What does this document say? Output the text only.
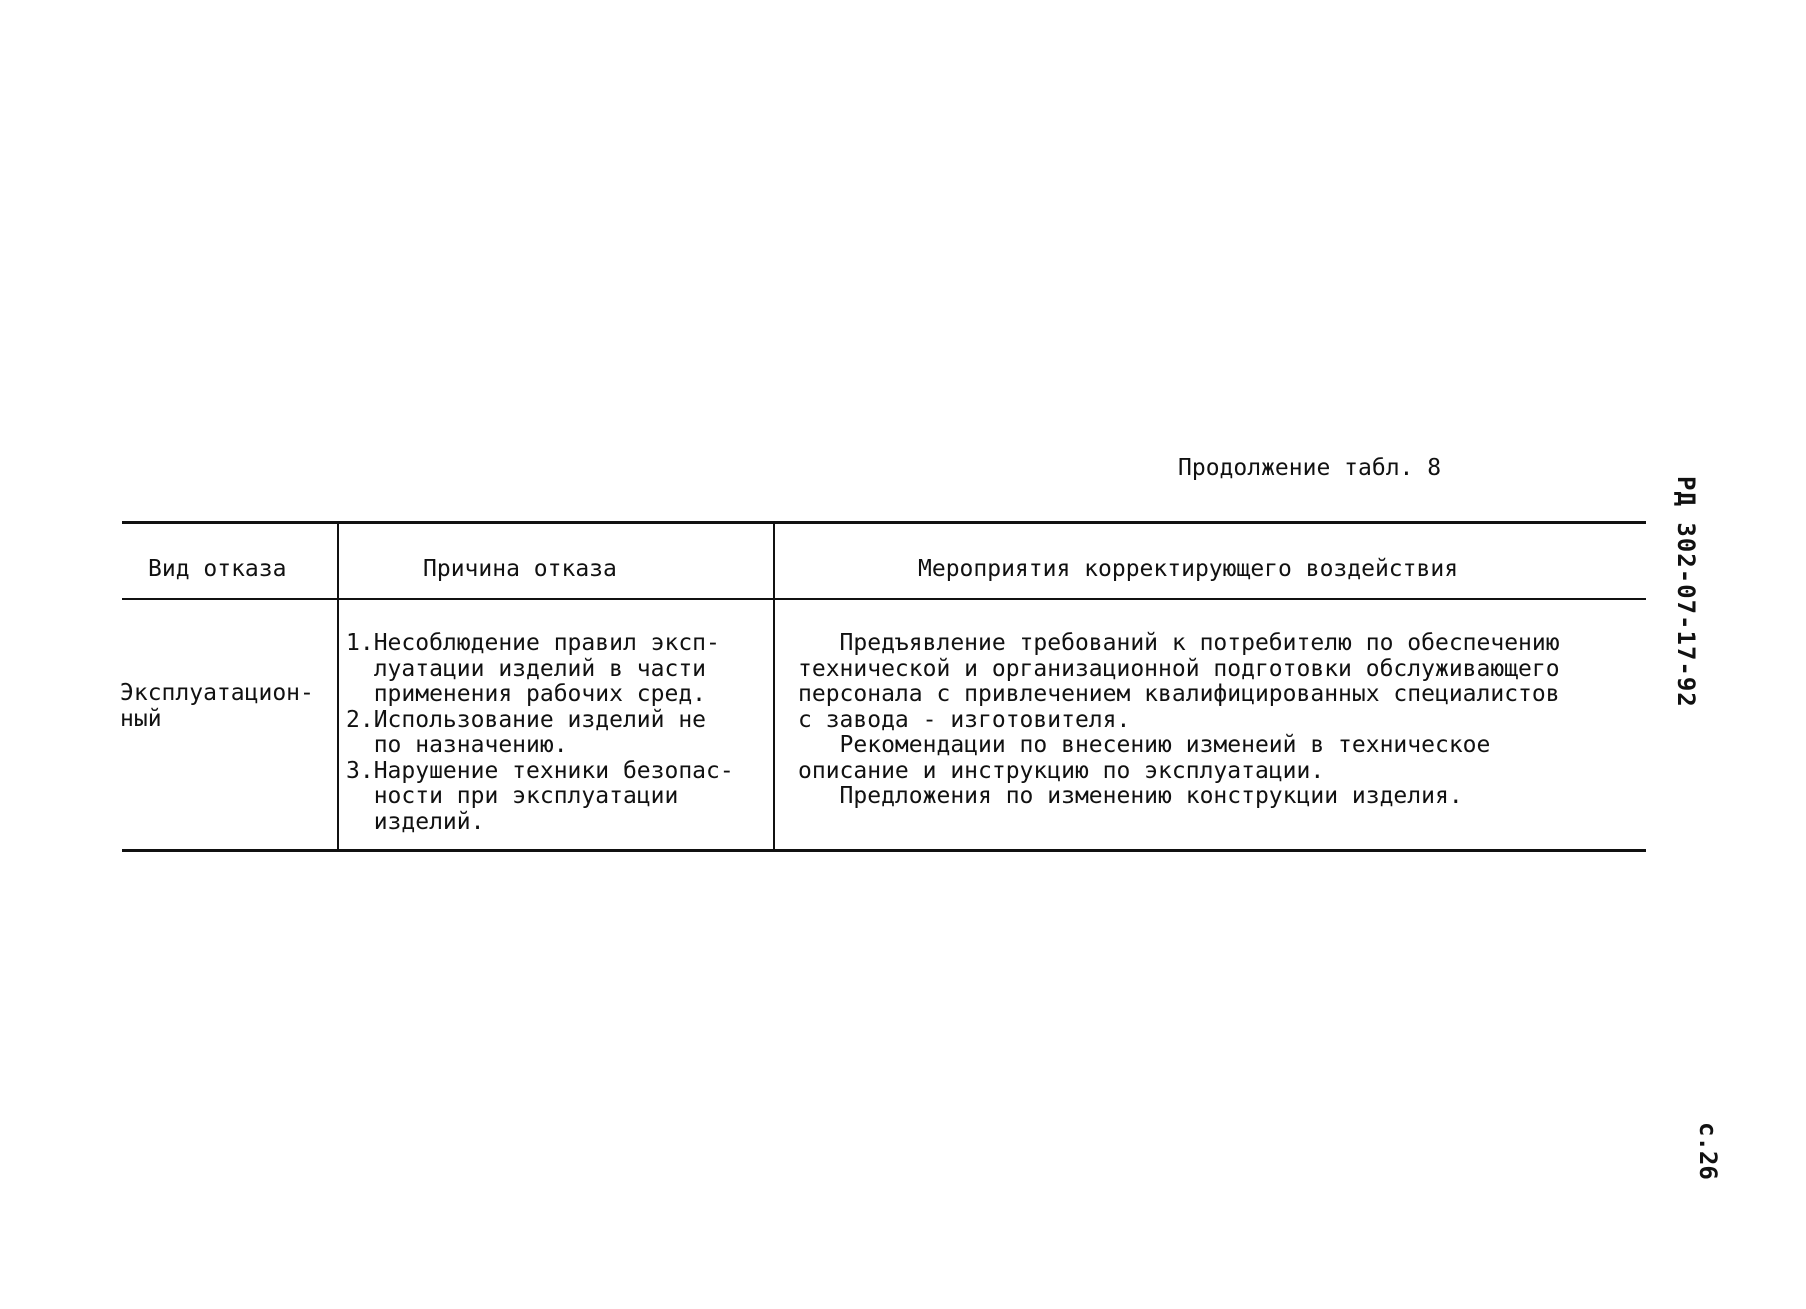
Продолжение табл. 8
Вид отказа	Причина отказа	Мероприятия корректирующего воздействия
Эксплуатацион-
ный
1.Несоблюдение правил эксп-
луатации изделий в части
применения рабочих сред.
2.Использование изделий не
по назначению.
3.Нарушение техники безопас-
ности при эксплуатации
изделий.
Предъявление требований к потребителю по обеспечению
технической и организационной подготовки обслуживающего
персонала с привлечением квалифицированных специалистов
с завода - изготовителя.
Рекомендации по внесению изменеий в техническое
описание и инструкцию по эксплуатации.
Предложения по изменению конструкции изделия.
РД 302-07-17-92
с.26
